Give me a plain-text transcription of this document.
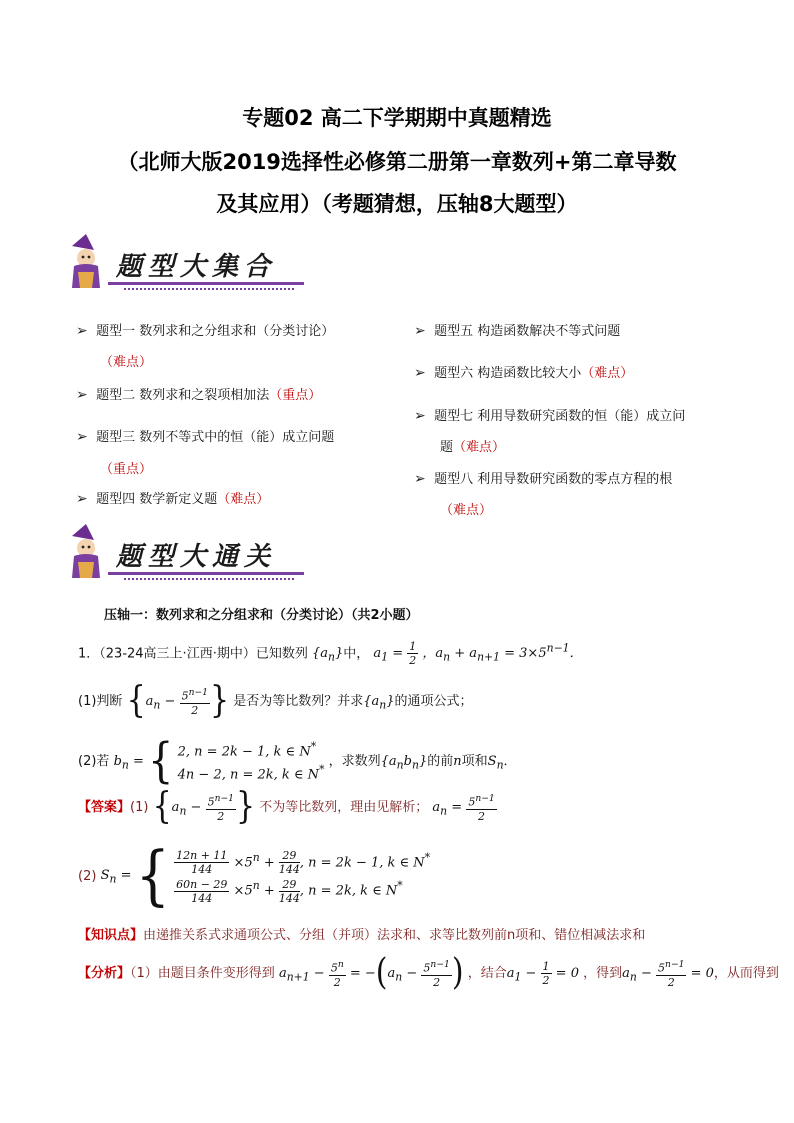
专题02 高二下学期期中真题精选
（北师大版2019选择性必修第二册第一章数列+第二章导数
及其应用）（考题猜想，压轴8大题型）
题型大集合
➢ 题型一 数列求和之分组求和（分类讨论）
（难点）
➢ 题型二 数列求和之裂项相加法（重点）
➢ 题型三 数列不等式中的恒（能）成立问题
（重点）
➢ 题型四 数学新定义题（难点）
➢ 题型五 构造函数解决不等式问题
➢ 题型六 构造函数比较大小（难点）
➢ 题型七 利用导数研究函数的恒（能）成立问
题（难点）
➢ 题型八 利用导数研究函数的零点方程的根
（难点）
题型大通关
压轴一：数列求和之分组求和（分类讨论）（共2小题）
1．（23-24高三上·江西·期中）已知数列 $\{a_n\}$中， $a_1 = \frac{1}{2}$ ，$a_n + a_{n+1} = 3\times 5^{n-1}$．
(1)判断 {$a_n - \frac{5^{n-1}}{2}$ } 是否为等比数列？并求$\{a_n\}$的通项公式；
(2)若 $b_n$ = { 2, n = 2k − 1, k ∈ N*
4n − 2, n = 2k, k ∈ N* ，求数列$\{a_nb_n\}$的前n项和$S_n$．
【答案】(1) {$a_n - \frac{5^{n-1}}{2}$ } 不为等比数列，理由见解析； $a_n = \frac{5^{n-1}}{2}$
(2) $S_n$ = { $\frac{12n + 11}{144} \times 5^n + \frac{29}{144}$ , n = 2k − 1, k ∈ N*

$\frac{60n - 29}{144} \times 5^n + \frac{29}{144}$ , n = 2k, k ∈ N*
【知识点】由递推关系式求通项公式、分组（并项）法求和、求等比数列前n项和、错位相减法求和
【分析】（1）由题目条件变形得到 $a_{n+1} - \frac{5^n}{2} = -(a_n - \frac{5^{n-1}}{2}$ ) ，结合$a_1 - \frac{1}{2} = 0$ ，得到$a_n - \frac{5^{n-1}}{2} = 0$，从而得到
